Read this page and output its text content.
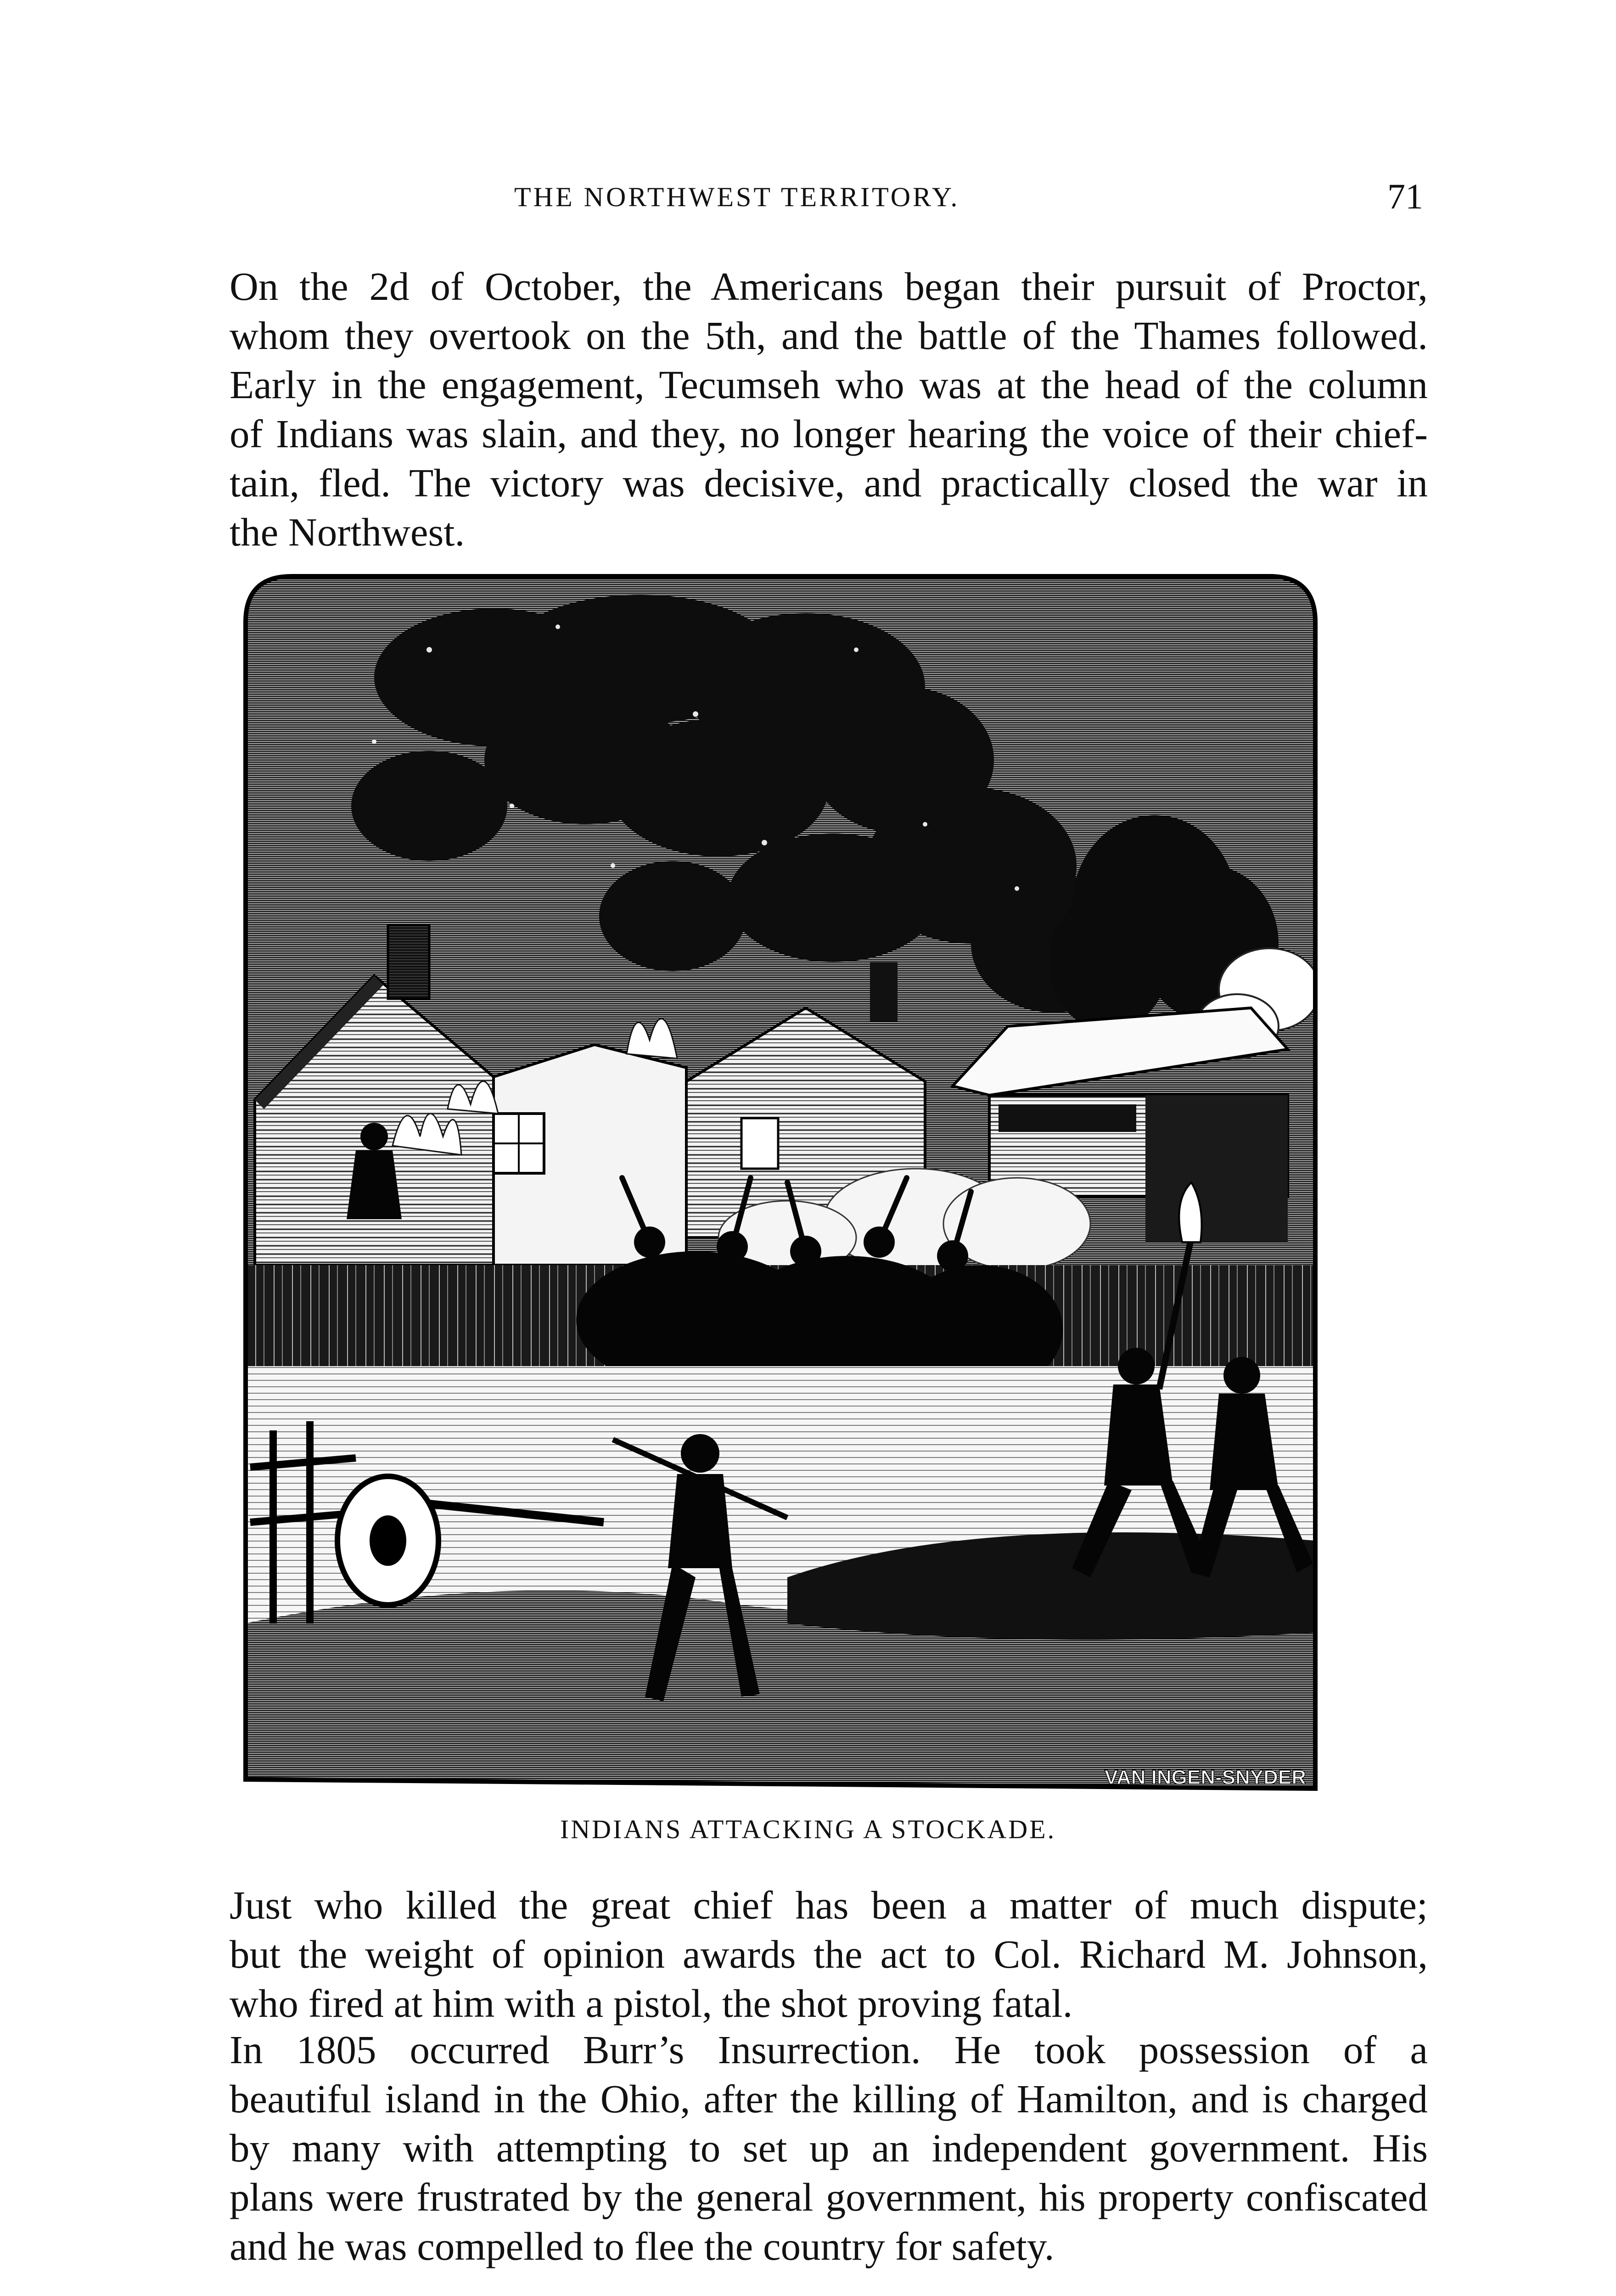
THE NORTHWEST TERRITORY.	71

On the 2d of October, the Americans began their pursuit of Proctor,
whom they overtook on the 5th, and the battle of the Thames followed.
Early in the engagement, Tecumseh who was at the head of the column
of Indians was slain, and they, no longer hearing the voice of their chief-
tain, fled. The victory was decisive, and practically closed the war in
the Northwest.

VAN INGEN-SNYDER
INDIANS ATTACKING A STOCKADE.

Just who killed the great chief has been a matter of much dispute;
but the weight of opinion awards the act to Col. Richard M. Johnson,
who fired at him with a pistol, the shot proving fatal.

In 1805 occurred Burr’s Insurrection. He took possession of a
beautiful island in the Ohio, after the killing of Hamilton, and is charged
by many with attempting to set up an independent government. His
plans were frustrated by the general government, his property confiscated
and he was compelled to flee the country for safety.
